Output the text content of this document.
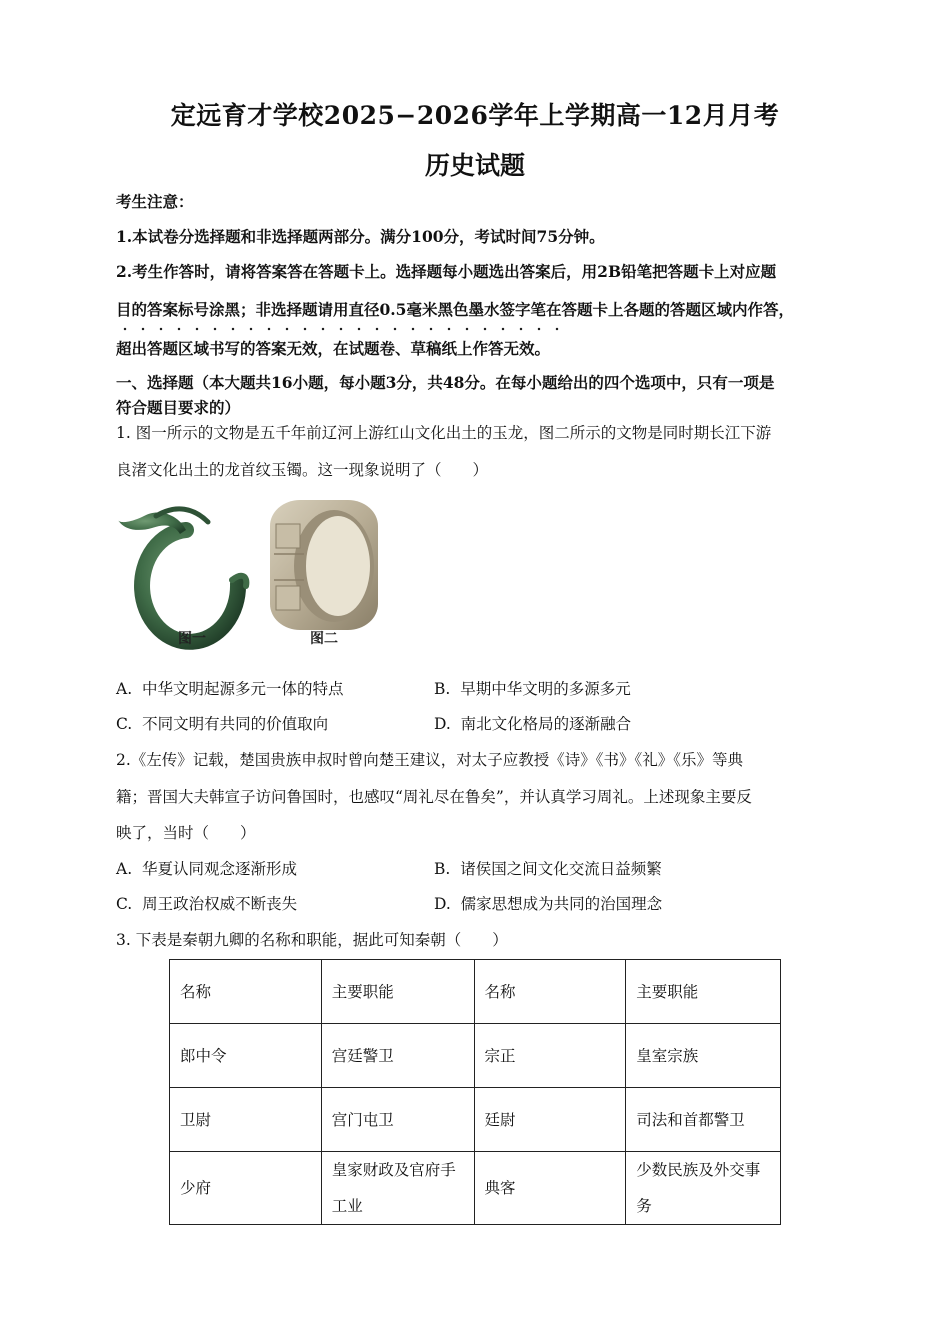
定远育才学校2025−2026学年上学期高一12月月考
历史试题
考生注意：
1.本试卷分选择题和非选择题两部分。满分100分，考试时间75分钟。
2.考生作答时，请将答案答在答题卡上。选择题每小题选出答案后，用2B铅笔把答题卡上对应题
目的答案标号涂黑；非选择题请用直径0.5毫米黑色墨水签字笔在答题卡上各题的答题区域内作答，
超出答题区域书写的答案无效，在试题卷、草稿纸上作答无效。
一、选择题（本大题共16小题，每小题3分，共48分。在每小题给出的四个选项中，只有一项是
符合题目要求的）
1. 图一所示的文物是五千年前辽河上游红山文化出土的玉龙，图二所示的文物是同时期长江下游
良渚文化出土的龙首纹玉镯。这一现象说明了（　　）
图一	图二
A. 中华文明起源多元一体的特点	B. 早期中华文明的多源多元
C. 不同文明有共同的价值取向	D. 南北文化格局的逐渐融合
2.《左传》记载，楚国贵族申叔时曾向楚王建议，对太子应教授《诗》《书》《礼》《乐》等典
籍；晋国大夫韩宣子访问鲁国时，也感叹“周礼尽在鲁矣”，并认真学习周礼。上述现象主要反
映了，当时（　　）
A. 华夏认同观念逐渐形成	B. 诸侯国之间文化交流日益频繁
C. 周王政治权威不断丧失	D. 儒家思想成为共同的治国理念
3. 下表是秦朝九卿的名称和职能，据此可知秦朝（　　）
名称	主要职能	名称	主要职能
郎中令	宫廷警卫	宗正	皇室宗族
卫尉	宫门屯卫	廷尉	司法和首都警卫
少府	皇家财政及官府手工业	典客	少数民族及外交事务
